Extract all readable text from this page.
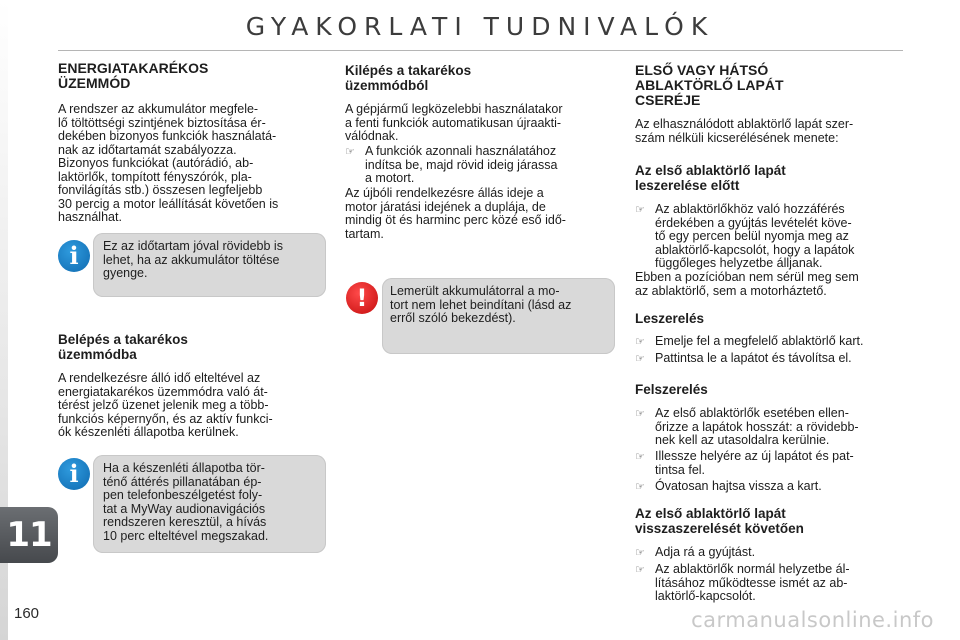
GYAKORLATI TUDNIVALÓK
ENERGIATAKARÉKOS
ÜZEMMÓD

A rendszer az akkumulátor megfele-
lő töltöttségi szintjének biztosítása ér-
dekében bizonyos funkciók használatá-
nak az időtartamát szabályozza.

Bizonyos funkciókat (autórádió, ab-
laktörlők, tompított fényszórók, pla-
fonvilágítás stb.) összesen legfeljebb
30 percig a motor leállítását követően is
használhat.

i	Ez az időtartam jóval rövidebb is
lehet, ha az akkumulátor töltése
gyenge.
Belépés a takarékos
üzemmódba

A rendelkezésre álló idő elteltével az
energiatakarékos üzemmódra való át-
térést jelző üzenet jelenik meg a több-
funkciós képernyőn, és az aktív funkci-
ók készenléti állapotba kerülnek.

i	Ha a készenléti állapotba tör-
ténő áttérés pillanatában ép-
pen telefonbeszélgetést foly-
tat a MyWay audionavigációs
rendszeren keresztül, a hívás
10 perc elteltével megszakad.
Kilépés a takarékos
üzemmódból

A gépjármű legközelebbi használatakor
a fenti funkciók automatikusan újraakti-
válódnak.

☞ A funkciók azonnali használatához
indítsa be, majd rövid ideig járassa
a motort.

Az újbóli rendelkezésre állás ideje a
motor járatási idejének a duplája, de
mindig öt és harminc perc közé eső idő-
tartam.

!	Lemerült akkumulátorral a mo-
tort nem lehet beindítani (lásd az
erről szóló bekezdést).
ELSŐ VAGY HÁTSÓ
ABLAKTÖRLŐ LAPÁT
CSERÉJE

Az elhasználódott ablaktörlő lapát szer-
szám nélküli kicserélésének menete:

Az első ablaktörlő lapát
leszerelése előtt
☞ Az ablaktörlőkhöz való hozzáférés
érdekében a gyújtás levételét köve-
tő egy percen belül nyomja meg az
ablaktörlő-kapcsolót, hogy a lapátok
függőleges helyzetbe álljanak.

Ebben a pozícióban nem sérül meg sem
az ablaktörlő, sem a motorháztető.

Leszerelés
☞ Emelje fel a megfelelő ablaktörlő kart.
☞ Pattintsa le a lapátot és távolítsa el.
Felszerelés
☞ Az első ablaktörlők esetében ellen-
őrizze a lapátok hosszát: a rövidebb-
nek kell az utasoldalra kerülnie.
☞ Illessze helyére az új lapátot és pat-
tintsa fel.
☞ Óvatosan hajtsa vissza a kart.
Az első ablaktörlő lapát
visszaszerelését követően
☞ Adja rá a gyújtást.
☞ Az ablaktörlők normál helyzetbe ál-
lításához működtesse ismét az ab-
laktörlő-kapcsolót.
11
160	carmanualsonline.info
